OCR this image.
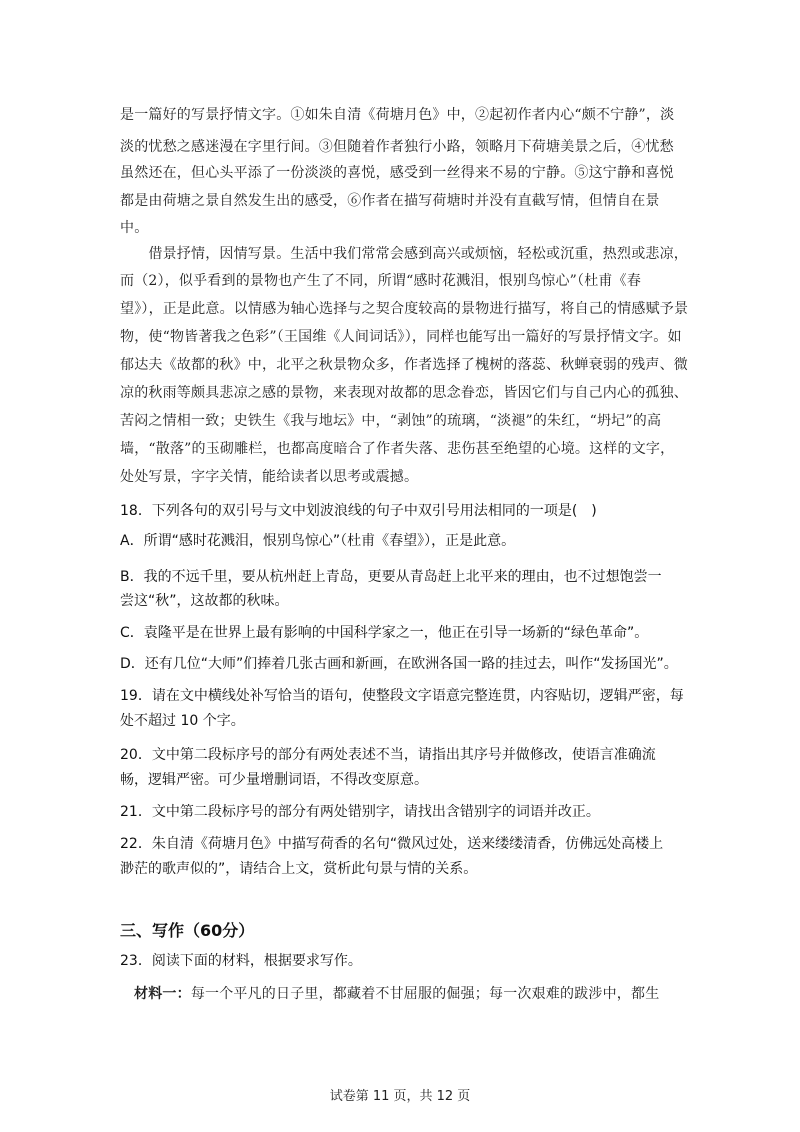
是一篇好的写景抒情文字。①如朱自清《荷塘月色》中，②起初作者内心“颇不宁静”，淡
淡的忧愁之感迷漫在字里行间。③但随着作者独行小路，领略月下荷塘美景之后，④忧愁
虽然还在，但心头平添了一份淡淡的喜悦，感受到一丝得来不易的宁静。⑤这宁静和喜悦
都是由荷塘之景自然发生出的感受，⑥作者在描写荷塘时并没有直截写情，但情自在景
中。
　　借景抒情，因情写景。生活中我们常常会感到高兴或烦恼，轻松或沉重，热烈或悲凉，
而（2），似乎看到的景物也产生了不同，所谓“感时花溅泪，恨别鸟惊心”（杜甫《春
望》），正是此意。以情感为轴心选择与之契合度较高的景物进行描写，将自己的情感赋予景
物，使“物皆著我之色彩”（王国维《人间词话》），同样也能写出一篇好的写景抒情文字。如
郁达夫《故都的秋》中，北平之秋景物众多，作者选择了槐树的落蕊、秋蝉衰弱的残声、微
凉的秋雨等颇具悲凉之感的景物，来表现对故都的思念眷恋，皆因它们与自己内心的孤独、
苦闷之情相一致；史铁生《我与地坛》中，“剥蚀”的琉璃，“淡褪”的朱红，“坍圮”的高
墙，“散落”的玉砌雕栏，也都高度暗合了作者失落、悲伤甚至绝望的心境。这样的文字，
处处写景，字字关情，能给读者以思考或震撼。
18．下列各句的双引号与文中划波浪线的句子中双引号用法相同的一项是(　)
A．所谓“感时花溅泪，恨别鸟惊心”（杜甫《春望》），正是此意。
B．我的不远千里，要从杭州赶上青岛，更要从青岛赶上北平来的理由，也不过想饱尝一
尝这“秋”，这故都的秋味。
C．袁隆平是在世界上最有影响的中国科学家之一，他正在引导一场新的“绿色革命”。
D．还有几位“大师”们捧着几张古画和新画，在欧洲各国一路的挂过去，叫作“发扬国光”。
19．请在文中横线处补写恰当的语句，使整段文字语意完整连贯，内容贴切，逻辑严密，每
处不超过 10 个字。
20．文中第二段标序号的部分有两处表述不当，请指出其序号并做修改，使语言准确流
畅，逻辑严密。可少量增删词语，不得改变原意。
21．文中第二段标序号的部分有两处错别字，请找出含错别字的词语并改正。
22．朱自清《荷塘月色》中描写荷香的名句“微风过处，送来缕缕清香，仿佛远处高楼上
渺茫的歌声似的”，请结合上文，赏析此句景与情的关系。
三、写作（60分）
23．阅读下面的材料，根据要求写作。
材料一：每一个平凡的日子里，都藏着不甘屈服的倔强；每一次艰难的跋涉中，都生
试卷第 11 页，共 12 页
